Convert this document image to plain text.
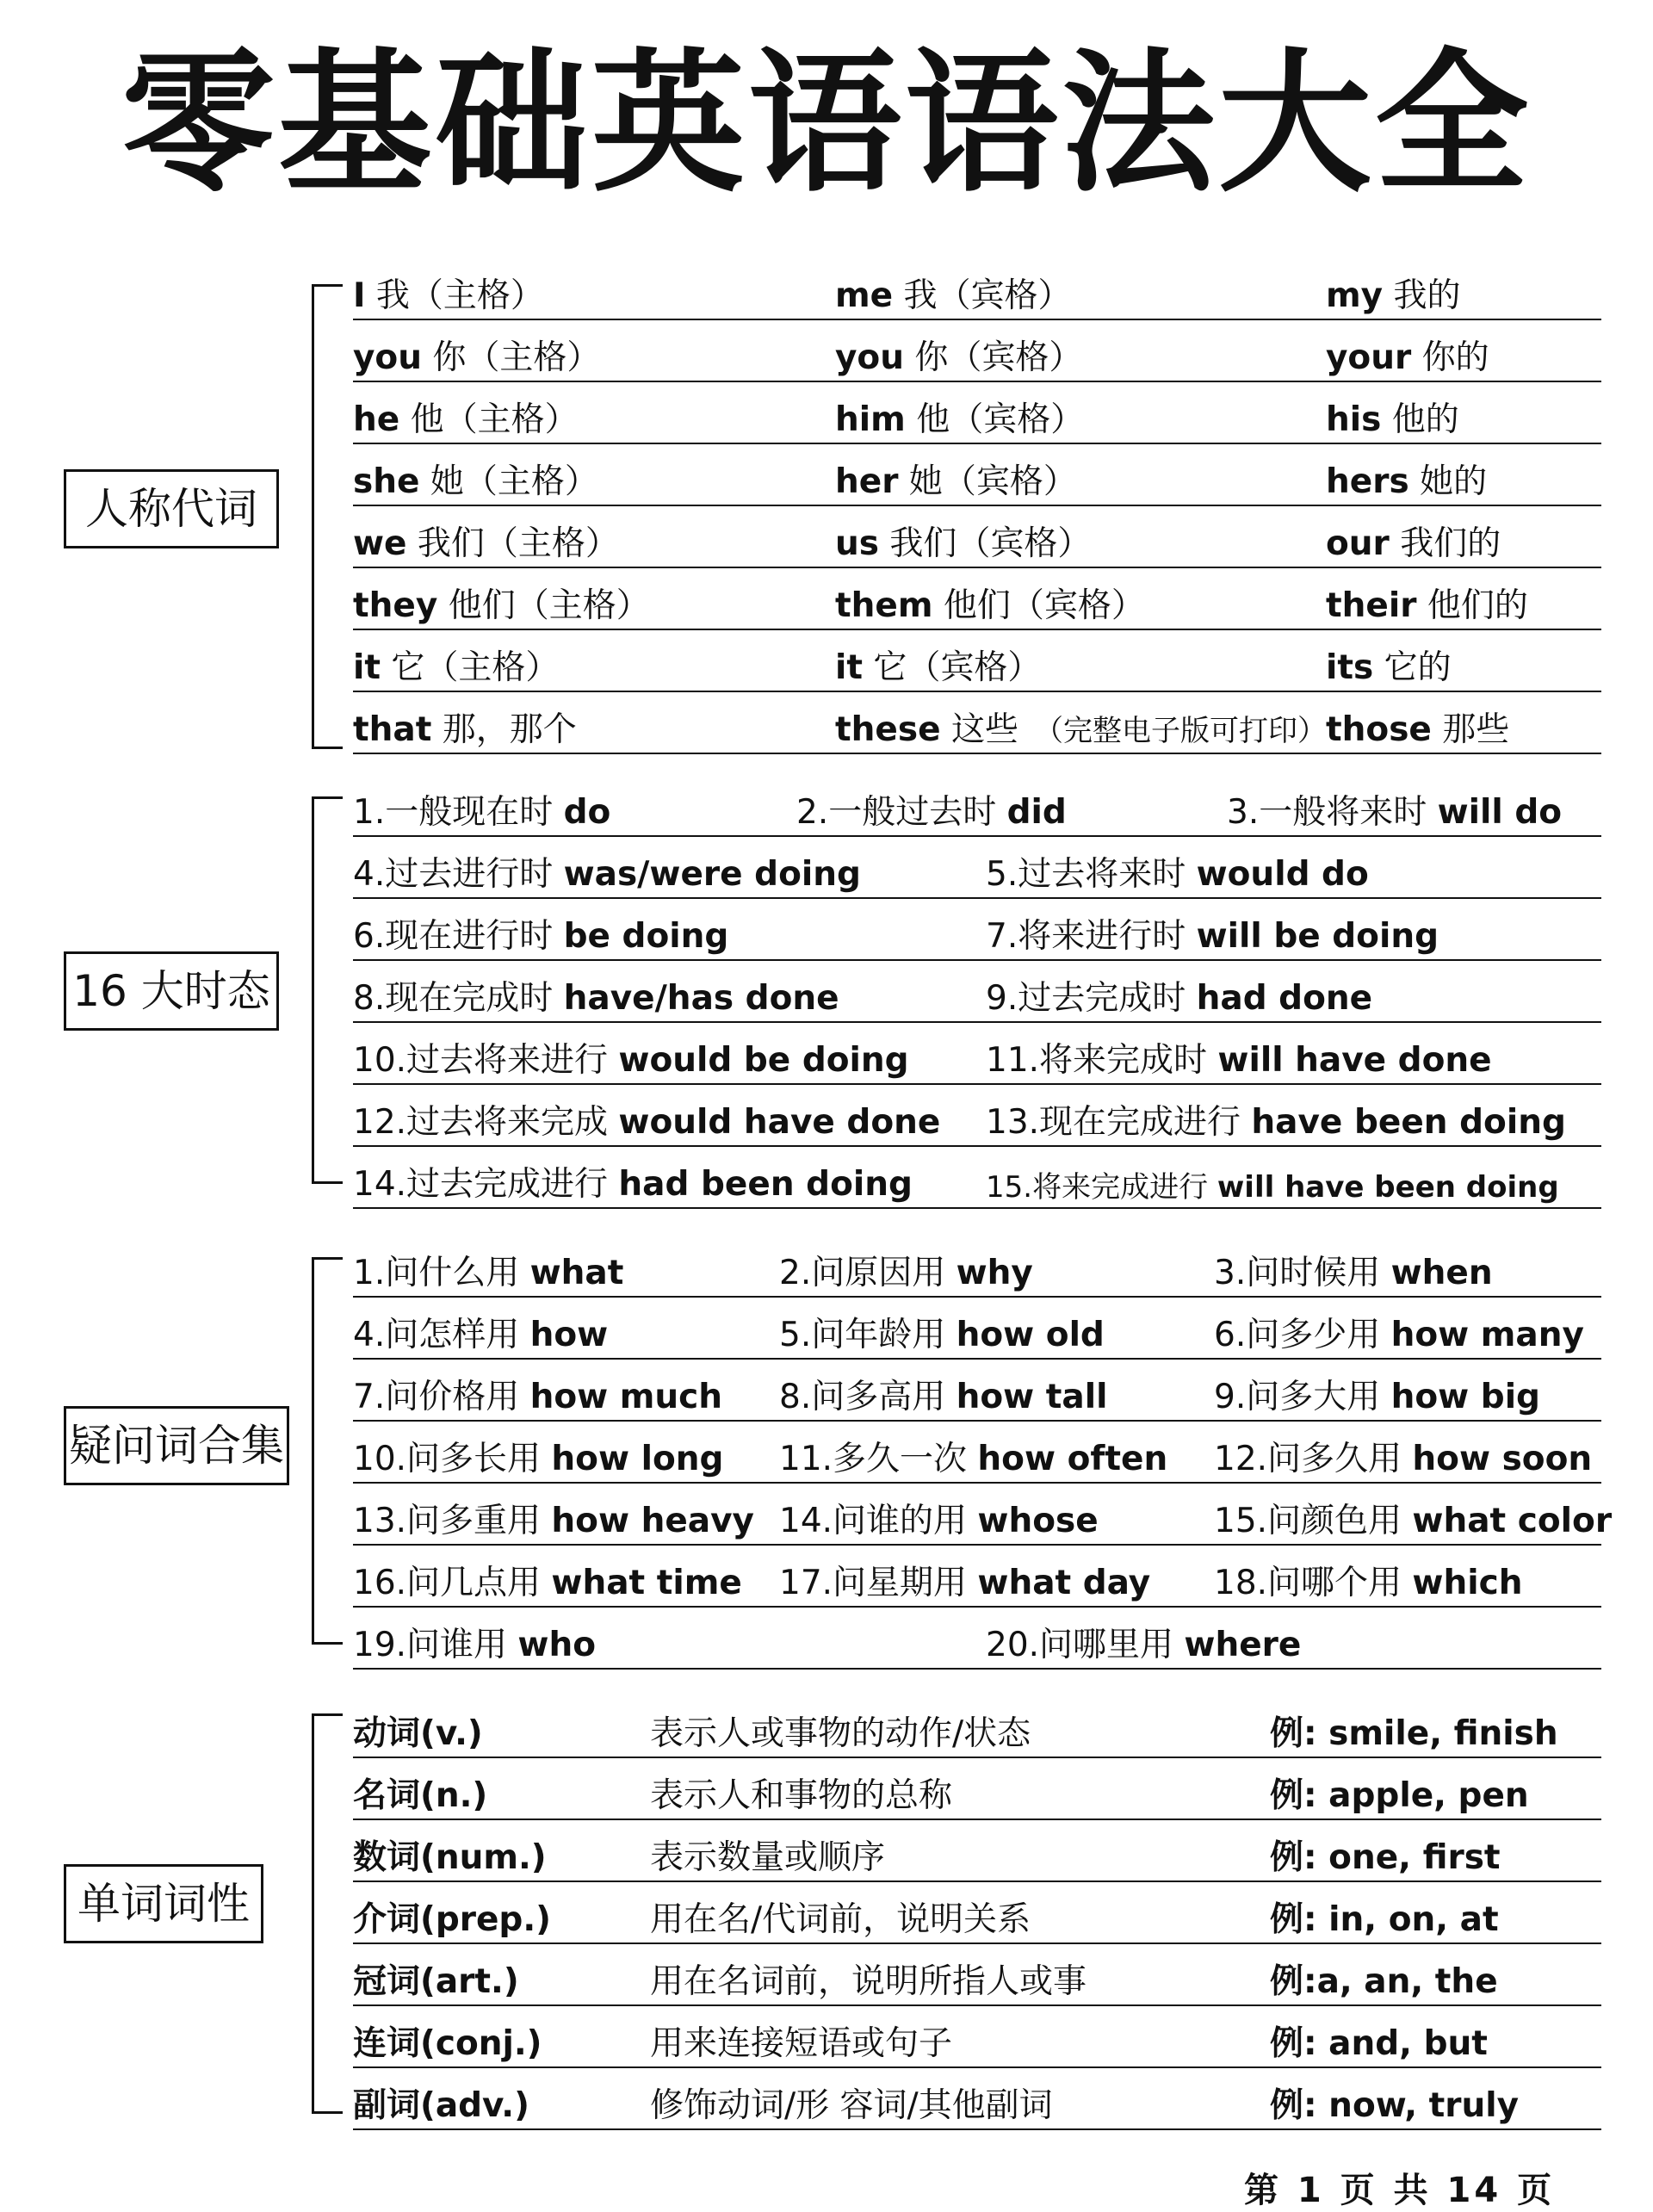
零基础英语语法大全
人称代词
I 我（主格）	me 我（宾格）	my 我的
you 你（主格）	you 你（宾格）	your 你的
he 他（主格）	him 他（宾格）	his 他的
she 她（主格）	her 她（宾格）	hers 她的
we 我们（主格）	us 我们（宾格）	our 我们的
they 他们（主格）	them 他们（宾格）	their 他们的
it 它（主格）	it 它（宾格）	its 它的
that 那，那个	these 这些 （完整电子版可打印） those 那些
16 大时态
1.一般现在时 do	2.一般过去时 did	3.一般将来时 will do
4.过去进行时 was/were doing	5.过去将来时 would do
6.现在进行时 be doing	7.将来进行时 will be doing
8.现在完成时 have/has done	9.过去完成时 had done
10.过去将来进行 would be doing 11.将来完成时 will have done
12.过去将来完成 would have done 13.现在完成进行 have been doing
14.过去完成进行 had been doing	15.将来完成进行 will have been doing
疑问词合集
1.问什么用 what	2.问原因用 why	3.问时候用 when
4.问怎样用 how	5.问年龄用 how old	6.问多少用 how many
7.问价格用 how much 8.问多高用 how tall	9.问多大用 how big
10.问多长用 how long 11.多久一次 how often 12.问多久用 how soon
13.问多重用 how heavy 14.问谁的用 whose	15.问颜色用 what color
16.问几点用 what time 17.问星期用 what day 18.问哪个用 which
19.问谁用 who	20.问哪里用 where
单词词性
动词(v.)	表示人或事物的动作/状态	例: smile, finish
名词(n.)	表示人和事物的总称	例: apple, pen
数词(num.)	表示数量或顺序	例: one, first
介词(prep.)	用在名/代词前，说明关系	例: in, on, at
冠词(art.)	用在名词前，说明所指人或事	例:a, an, the
连词(conj.)	用来连接短语或句子	例: and, but
副词(adv.)	修饰动词/形 容词/其他副词	例: now, truly
第 1 页 共 14 页
